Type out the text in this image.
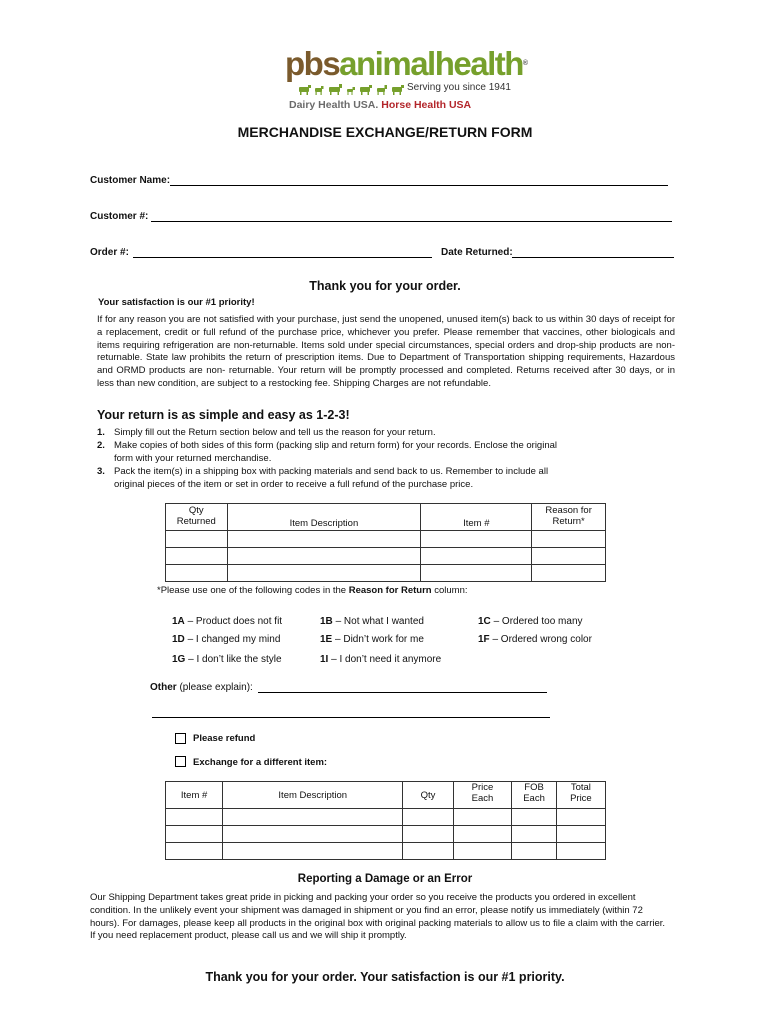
pbsanimalhealth®
Serving you since 1941
Dairy Health USA. Horse Health USA
MERCHANDISE EXCHANGE/RETURN FORM
Customer Name:
Customer #:
Order #:	Date Returned:
Thank you for your order.
Your satisfaction is our #1 priority!
If for any reason you are not satisfied with your purchase, just send the unopened, unused item(s) back to us within 30 days of receipt for a replacement, credit or full refund of the purchase price, whichever you prefer. Please remember that vaccines, other biologicals and items requiring refrigeration are non-returnable. Items sold under special circumstances, special orders and drop-ship products are non-returnable. State law prohibits the return of prescription items. Due to Department of Transportation shipping requirements, Hazardous and ORMD products are non- returnable. Your return will be promptly processed and completed. Returns received after 30 days, or in less than new condition, are subject to a restocking fee. Shipping Charges are not refundable.
Your return is as simple and easy as 1-2-3!
1. Simply fill out the Return section below and tell us the reason for your return.
2. Make copies of both sides of this form (packing slip and return form) for your records. Enclose the original form with your returned merchandise.
3. Pack the item(s) in a shipping box with packing materials and send back to us. Remember to include all original pieces of the item or set in order to receive a full refund of the purchase price.
Qty Returned	Item Description	Item #	Reason for Return*

*Please use one of the following codes in the Reason for Return column:
1A – Product does not fit	1B – Not what I wanted	1C – Ordered too many
1D – I changed my mind	1E – Didn’t work for me	1F – Ordered wrong color
1G – I don’t like the style	1I – I don’t need it anymore
Other (please explain):
Please refund
Exchange for a different item:
Item #	Item Description	Qty	Price Each	FOB Each	Total Price

Reporting a Damage or an Error
Our Shipping Department takes great pride in picking and packing your order so you receive the products you ordered in excellent condition. In the unlikely event your shipment was damaged in shipment or you find an error, please notify us immediately (within 72 hours). For damages, please keep all products in the original box with original packing materials to allow us to file a claim with the carrier. If you need replacement product, please call us and we will ship it promptly.
Thank you for your order. Your satisfaction is our #1 priority.
